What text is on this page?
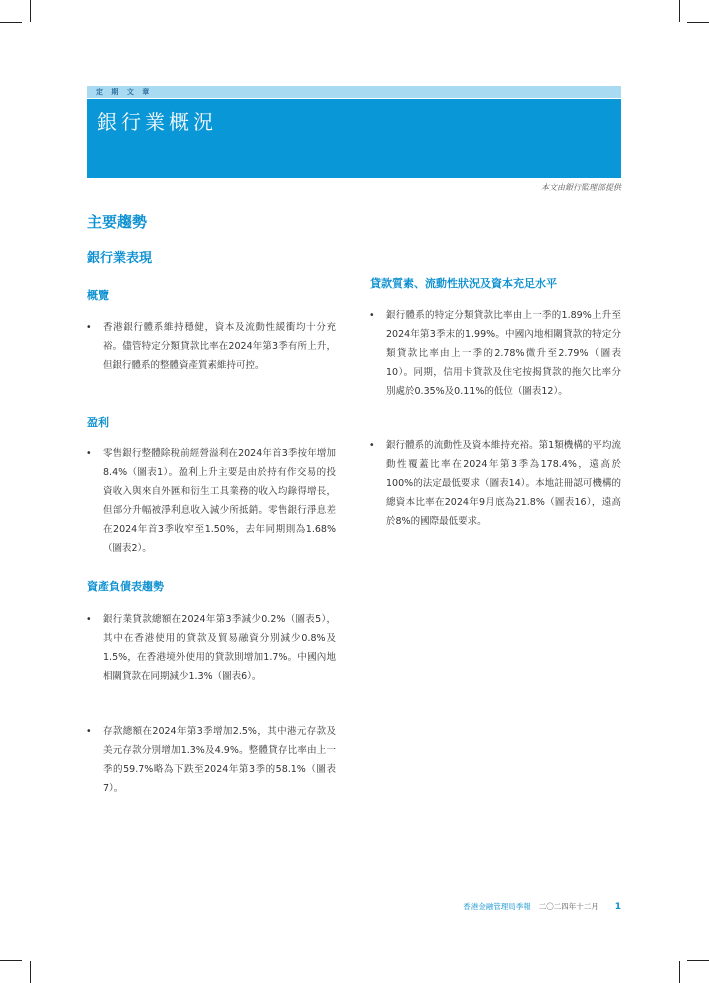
定 期 文 章
銀行業概況
本文由銀行監理部提供
主要趨勢
銀行業表現
概覽
• 香港銀行體系維持穩健，資本及流動性緩衝均十分充裕。儘管特定分類貸款比率在2024年第3季有所上升，但銀行體系的整體資產質素維持可控。
盈利
• 零售銀行整體除稅前經營溢利在2024年首3季按年增加8.4%（圖表1）。盈利上升主要是由於持有作交易的投資收入與來自外匯和衍生工具業務的收入均錄得增長，但部分升幅被淨利息收入減少所抵銷。零售銀行淨息差在2024年首3季收窄至1.50%，去年同期則為1.68%（圖表2）。
資產負債表趨勢
• 銀行業貸款總額在2024年第3季減少0.2%（圖表5），其中在香港使用的貸款及貿易融資分別減少0.8%及1.5%，在香港境外使用的貸款則增加1.7%。中國內地相關貸款在同期減少1.3%（圖表6）。
• 存款總額在2024年第3季增加2.5%，其中港元存款及美元存款分別增加1.3%及4.9%。整體貸存比率由上一季的59.7%略為下跌至2024年第3季的58.1%（圖表7）。
貸款質素、流動性狀況及資本充足水平
• 銀行體系的特定分類貸款比率由上一季的1.89%上升至2024年第3季末的1.99%。中國內地相關貸款的特定分類貸款比率由上一季的2.78%微升至2.79%（圖表10）。同期，信用卡貸款及住宅按揭貸款的拖欠比率分別處於0.35%及0.11%的低位（圖表12）。
• 銀行體系的流動性及資本維持充裕。第1類機構的平均流動性覆蓋比率在2024年第3季為178.4%，遠高於100%的法定最低要求（圖表14）。本地註冊認可機構的總資本比率在2024年9月底為21.8%（圖表16），遠高於8%的國際最低要求。
香港金融管理局季報 二〇二四年十二月 1
